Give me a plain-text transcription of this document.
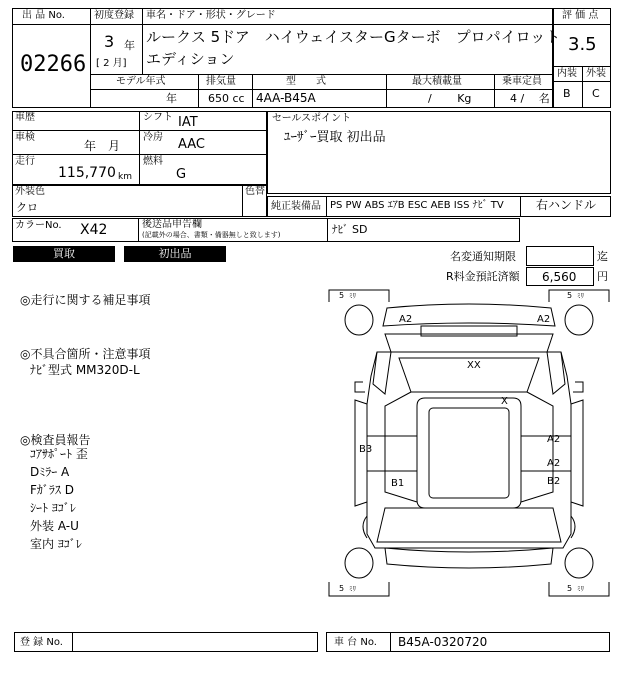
出 品 No.
02266
初度登録
3 年
[ 2 月]
車名・ドア・形状・グレード
ルークス 5ドア　ハイウェイスターGターボ　プロパイロット
エディション
モデル年式	排気量	型　　式	最大積載量	乗車定員
年	650 cc 4AA-B45A	/ 　　Kg	4 / 　名
評 価 点
3.5
内装 外装
B C
車歴
車検
年　月
走行
115,770 km
シフト IAT
冷房 AAC
燃料
G
セールスポイント
ﾕｰｻﾞｰ買取 初出品
外装色
クロ
色替
純正装備品 PS PW ABS ｴｱB ESC AEB ISS ﾅﾋﾞ TV	右ハンドル
カラーNo. X42	後送品申告欄
(記載外の場合、書類・備器無しと致します)	ﾅﾋﾞ SD
買取	初出品	名変通知期限	迄
R料金預託済額 6,560 円
◎走行に関する補足事項
◎不具合箇所・注意事項
ﾅﾋﾞ型式 MM320D-L
◎検査員報告
ｺｱｻﾎﾟｰﾄ 歪
Dﾐﾗｰ A
Fｶﾞﾗｽ D
ｼｰﾄ ﾖｺﾞﾚ
外装 A-U
室内 ﾖｺﾞﾚ
5 ﾐﾘ	5 ﾐﾘ
5 ﾐﾘ	5 ﾐﾘ
A2	A2
XX
X
B3
B1
A2
A2
B2
登 録 No.	車 台 No. B45A-0320720
